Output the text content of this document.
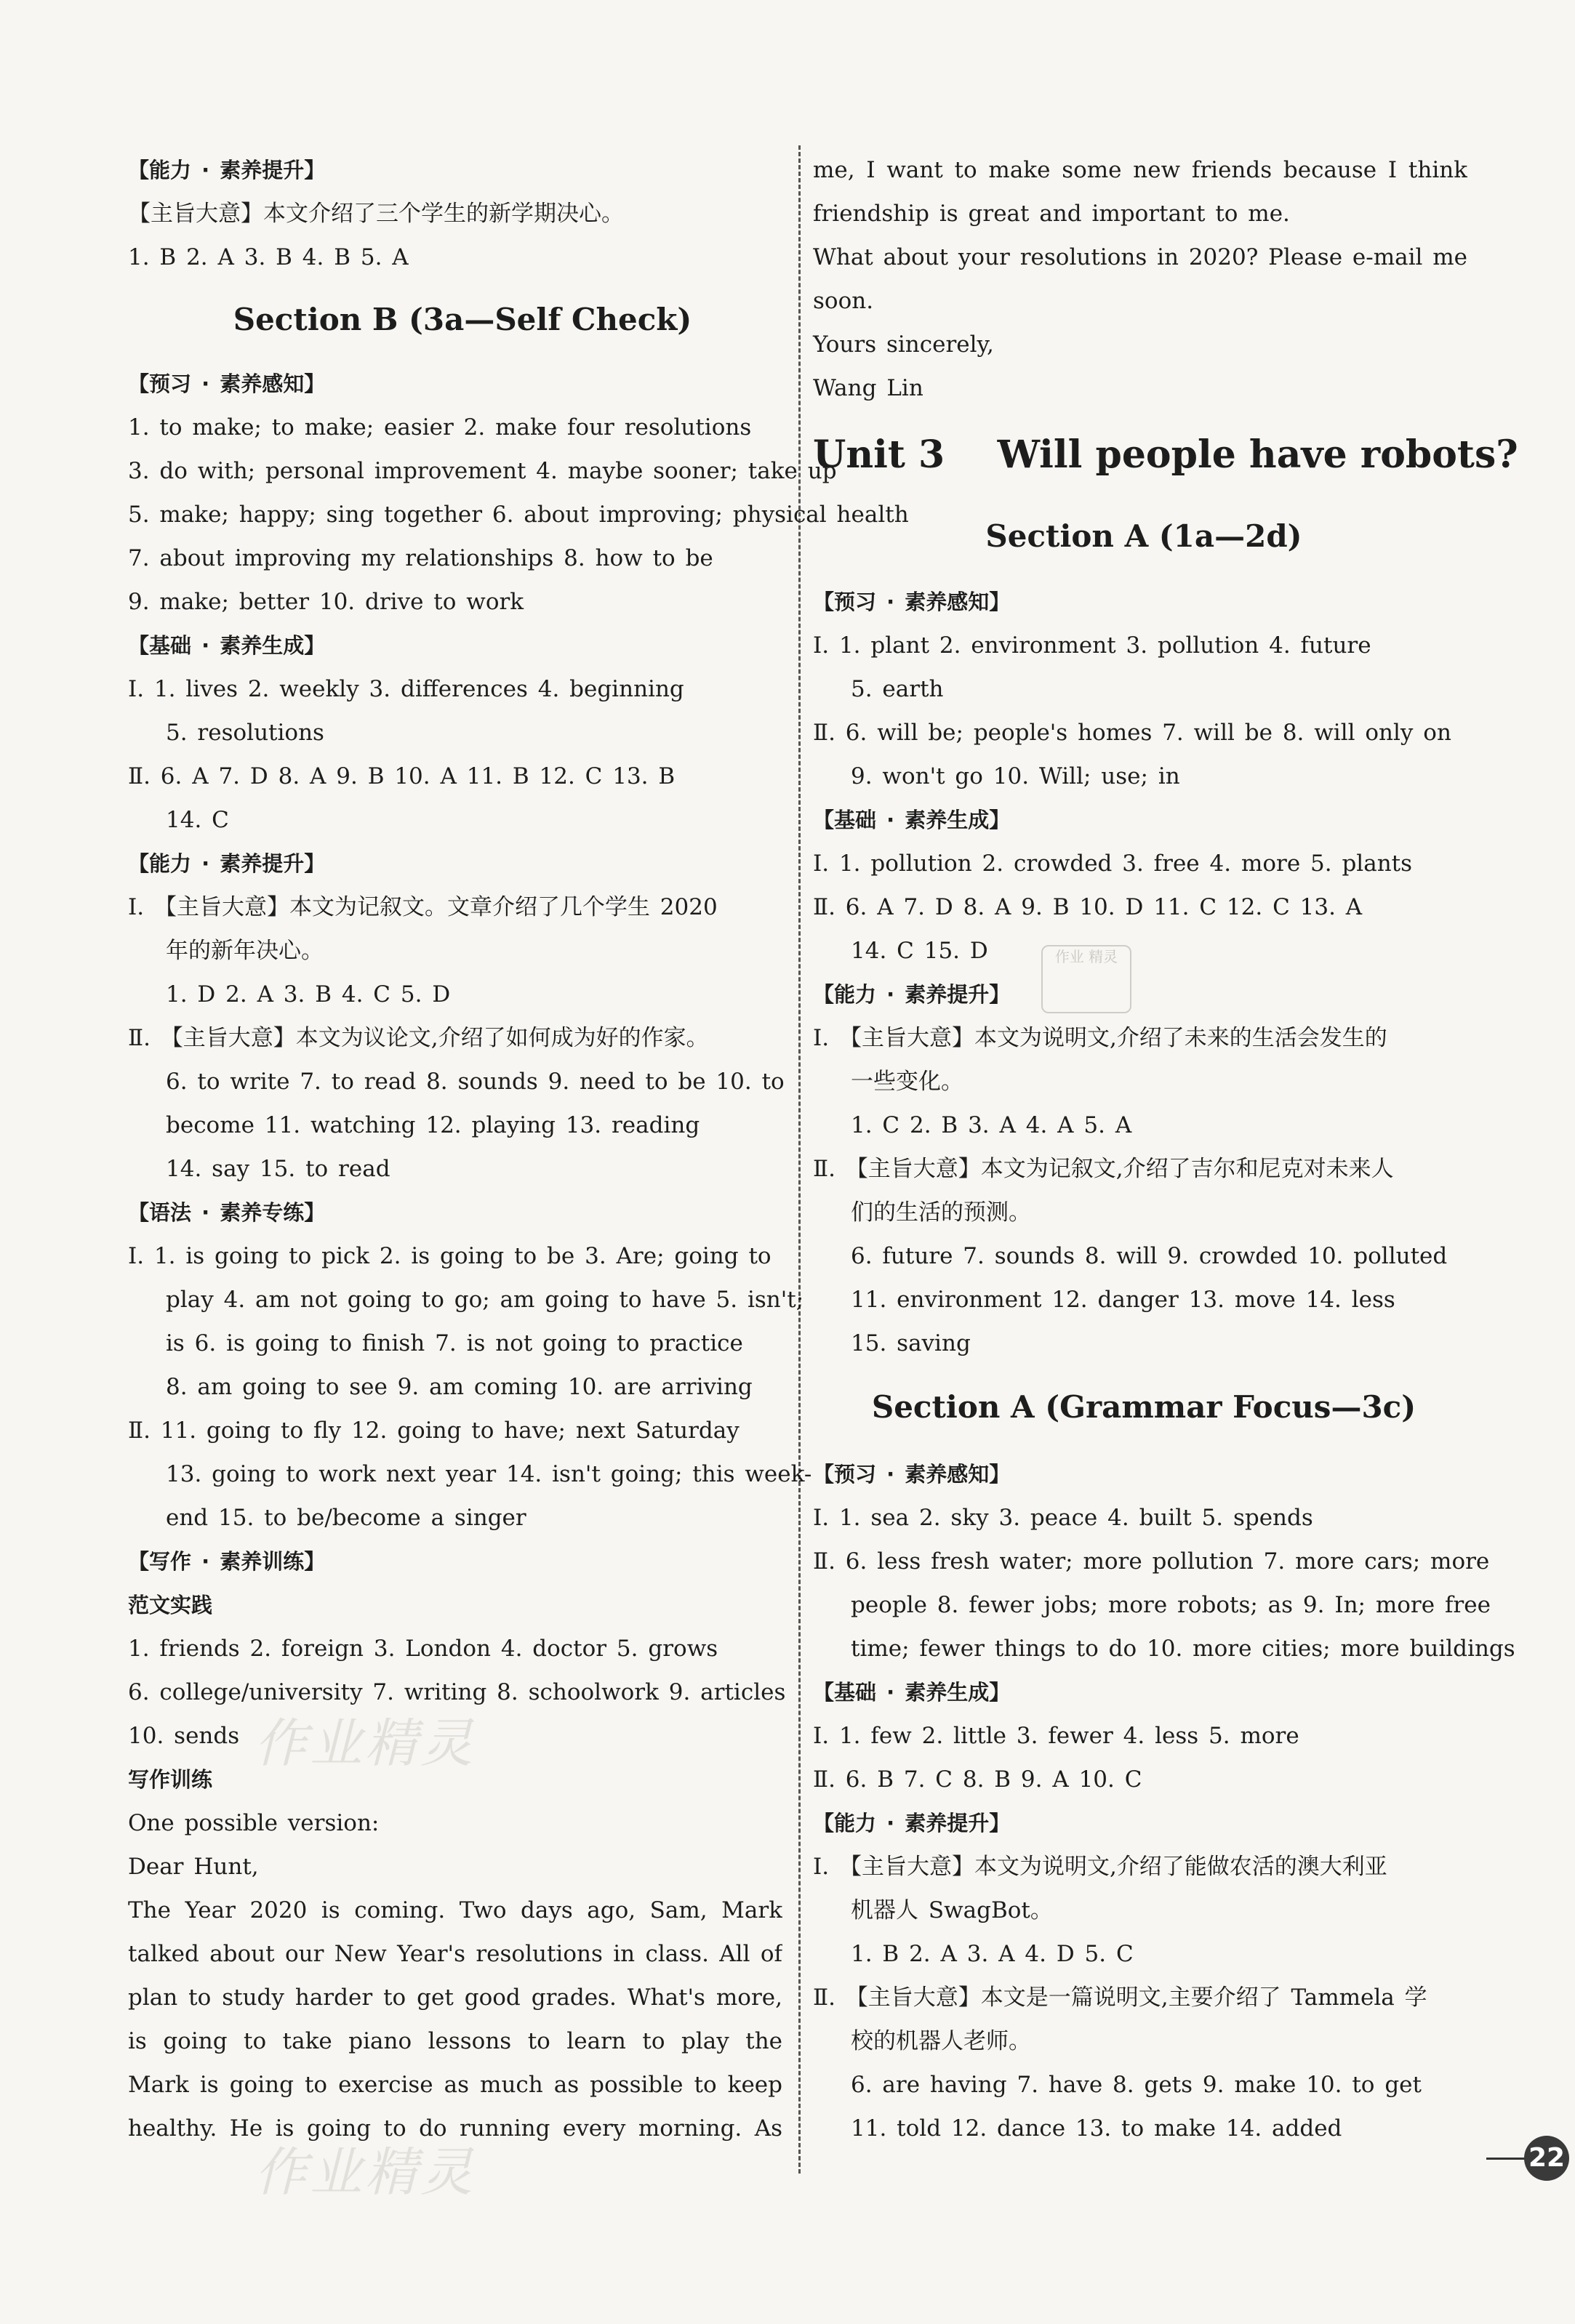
【能力 · 素养提升】
【主旨大意】本文介绍了三个学生的新学期决心。
1. B 2. A 3. B 4. B 5. A
Section B (3a—Self Check)
【预习 · 素养感知】
1. to make; to make; easier 2. make four resolutions
3. do with; personal improvement 4. maybe sooner; take up
5. make; happy; sing together 6. about improving; physical health
7. about improving my relationships 8. how to be
9. make; better 10. drive to work
【基础 · 素养生成】
Ⅰ. 1. lives 2. weekly 3. differences 4. beginning
5. resolutions
Ⅱ. 6. A 7. D 8. A 9. B 10. A 11. B 12. C 13. B
14. C
【能力 · 素养提升】
Ⅰ. 【主旨大意】本文为记叙文。文章介绍了几个学生 2020
年的新年决心。
1. D 2. A 3. B 4. C 5. D
Ⅱ. 【主旨大意】本文为议论文,介绍了如何成为好的作家。
6. to write 7. to read 8. sounds 9. need to be 10. to
become 11. watching 12. playing 13. reading
14. say 15. to read
【语法 · 素养专练】
Ⅰ. 1. is going to pick 2. is going to be 3. Are; going to
play 4. am not going to go; am going to have 5. isn't;
is 6. is going to finish 7. is not going to practice
8. am going to see 9. am coming 10. are arriving
Ⅱ. 11. going to fly 12. going to have; next Saturday
13. going to work next year 14. isn't going; this week-
end 15. to be/become a singer
【写作 · 素养训练】
范文实践
1. friends 2. foreign 3. London 4. doctor 5. grows
6. college/university 7. writing 8. schoolwork 9. articles
10. sends
写作训练
One possible version:
Dear Hunt,
The Year 2020 is coming. Two days ago, Sam, Mark
talked about our New Year's resolutions in class. All of
plan to study harder to get good grades. What's more,
is going to take piano lessons to learn to play the
Mark is going to exercise as much as possible to keep
healthy. He is going to do running every morning. As
me, I want to make some new friends because I think
friendship is great and important to me.
What about your resolutions in 2020? Please e-mail me
soon.
Yours sincerely,
Wang Lin
Unit 3    Will people have robots?
Section A (1a—2d)
【预习 · 素养感知】
Ⅰ. 1. plant 2. environment 3. pollution 4. future
5. earth
Ⅱ. 6. will be; people's homes 7. will be 8. will only on
9. won't go 10. Will; use; in
【基础 · 素养生成】
Ⅰ. 1. pollution 2. crowded 3. free 4. more 5. plants
Ⅱ. 6. A 7. D 8. A 9. B 10. D 11. C 12. C 13. A
14. C 15. D
【能力 · 素养提升】
Ⅰ. 【主旨大意】本文为说明文,介绍了未来的生活会发生的
一些变化。
1. C 2. B 3. A 4. A 5. A
Ⅱ. 【主旨大意】本文为记叙文,介绍了吉尔和尼克对未来人
们的生活的预测。
6. future 7. sounds 8. will 9. crowded 10. polluted
11. environment 12. danger 13. move 14. less
15. saving
Section A (Grammar Focus—3c)
【预习 · 素养感知】
Ⅰ. 1. sea 2. sky 3. peace 4. built 5. spends
Ⅱ. 6. less fresh water; more pollution 7. more cars; more
people 8. fewer jobs; more robots; as 9. In; more free
time; fewer things to do 10. more cities; more buildings
【基础 · 素养生成】
Ⅰ. 1. few 2. little 3. fewer 4. less 5. more
Ⅱ. 6. B 7. C 8. B 9. A 10. C
【能力 · 素养提升】
Ⅰ. 【主旨大意】本文为说明文,介绍了能做农活的澳大利亚
机器人 SwagBot。
1. B 2. A 3. A 4. D 5. C
Ⅱ. 【主旨大意】本文是一篇说明文,主要介绍了 Tammela 学
校的机器人老师。
6. are having 7. have 8. gets 9. make 10. to get
11. told 12. dance 13. to make 14. added
作业精灵
作业精灵
作业 精灵
22
